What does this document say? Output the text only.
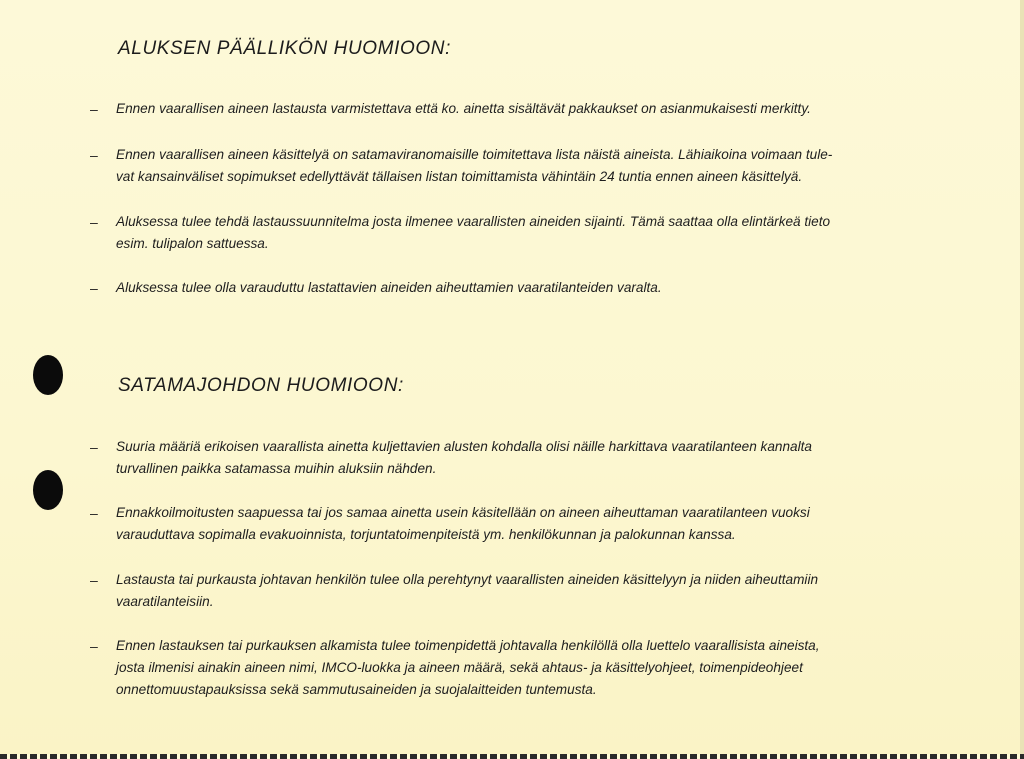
ALUKSEN PÄÄLLIKÖN HUOMIOON:
–	Ennen vaarallisen aineen lastausta varmistettava että ko. ainetta sisältävät pakkaukset on asianmukaisesti merkitty.
–	Ennen vaarallisen aineen käsittelyä on satamaviranomaisille toimitettava lista näistä aineista. Lähiaikoina voimaan tule-
vat kansainväliset sopimukset edellyttävät tällaisen listan toimittamista vähintäin 24 tuntia ennen aineen käsittelyä.
–	Aluksessa tulee tehdä lastaussuunnitelma josta ilmenee vaarallisten aineiden sijainti. Tämä saattaa olla elintärkeä tieto
esim. tulipalon sattuessa.
–	Aluksessa tulee olla varauduttu lastattavien aineiden aiheuttamien vaaratilanteiden varalta.
SATAMAJOHDON HUOMIOON:
–	Suuria määriä erikoisen vaarallista ainetta kuljettavien alusten kohdalla olisi näille harkittava vaaratilanteen kannalta
turvallinen paikka satamassa muihin aluksiin nähden.
–	Ennakkoilmoitusten saapuessa tai jos samaa ainetta usein käsitellään on aineen aiheuttaman vaaratilanteen vuoksi
varauduttava sopimalla evakuoinnista, torjuntatoimenpiteistä ym. henkilökunnan ja palokunnan kanssa.
–	Lastausta tai purkausta johtavan henkilön tulee olla perehtynyt vaarallisten aineiden käsittelyyn ja niiden aiheuttamiin
vaaratilanteisiin.
–	Ennen lastauksen tai purkauksen alkamista tulee toimenpidettä johtavalla henkilöllä olla luettelo vaarallisista aineista,
josta ilmenisi ainakin aineen nimi, IMCO-luokka ja aineen määrä, sekä ahtaus- ja käsittelyohjeet, toimenpideohjeet
onnettomuustapauksissa sekä sammutusaineiden ja suojalaitteiden tuntemusta.
